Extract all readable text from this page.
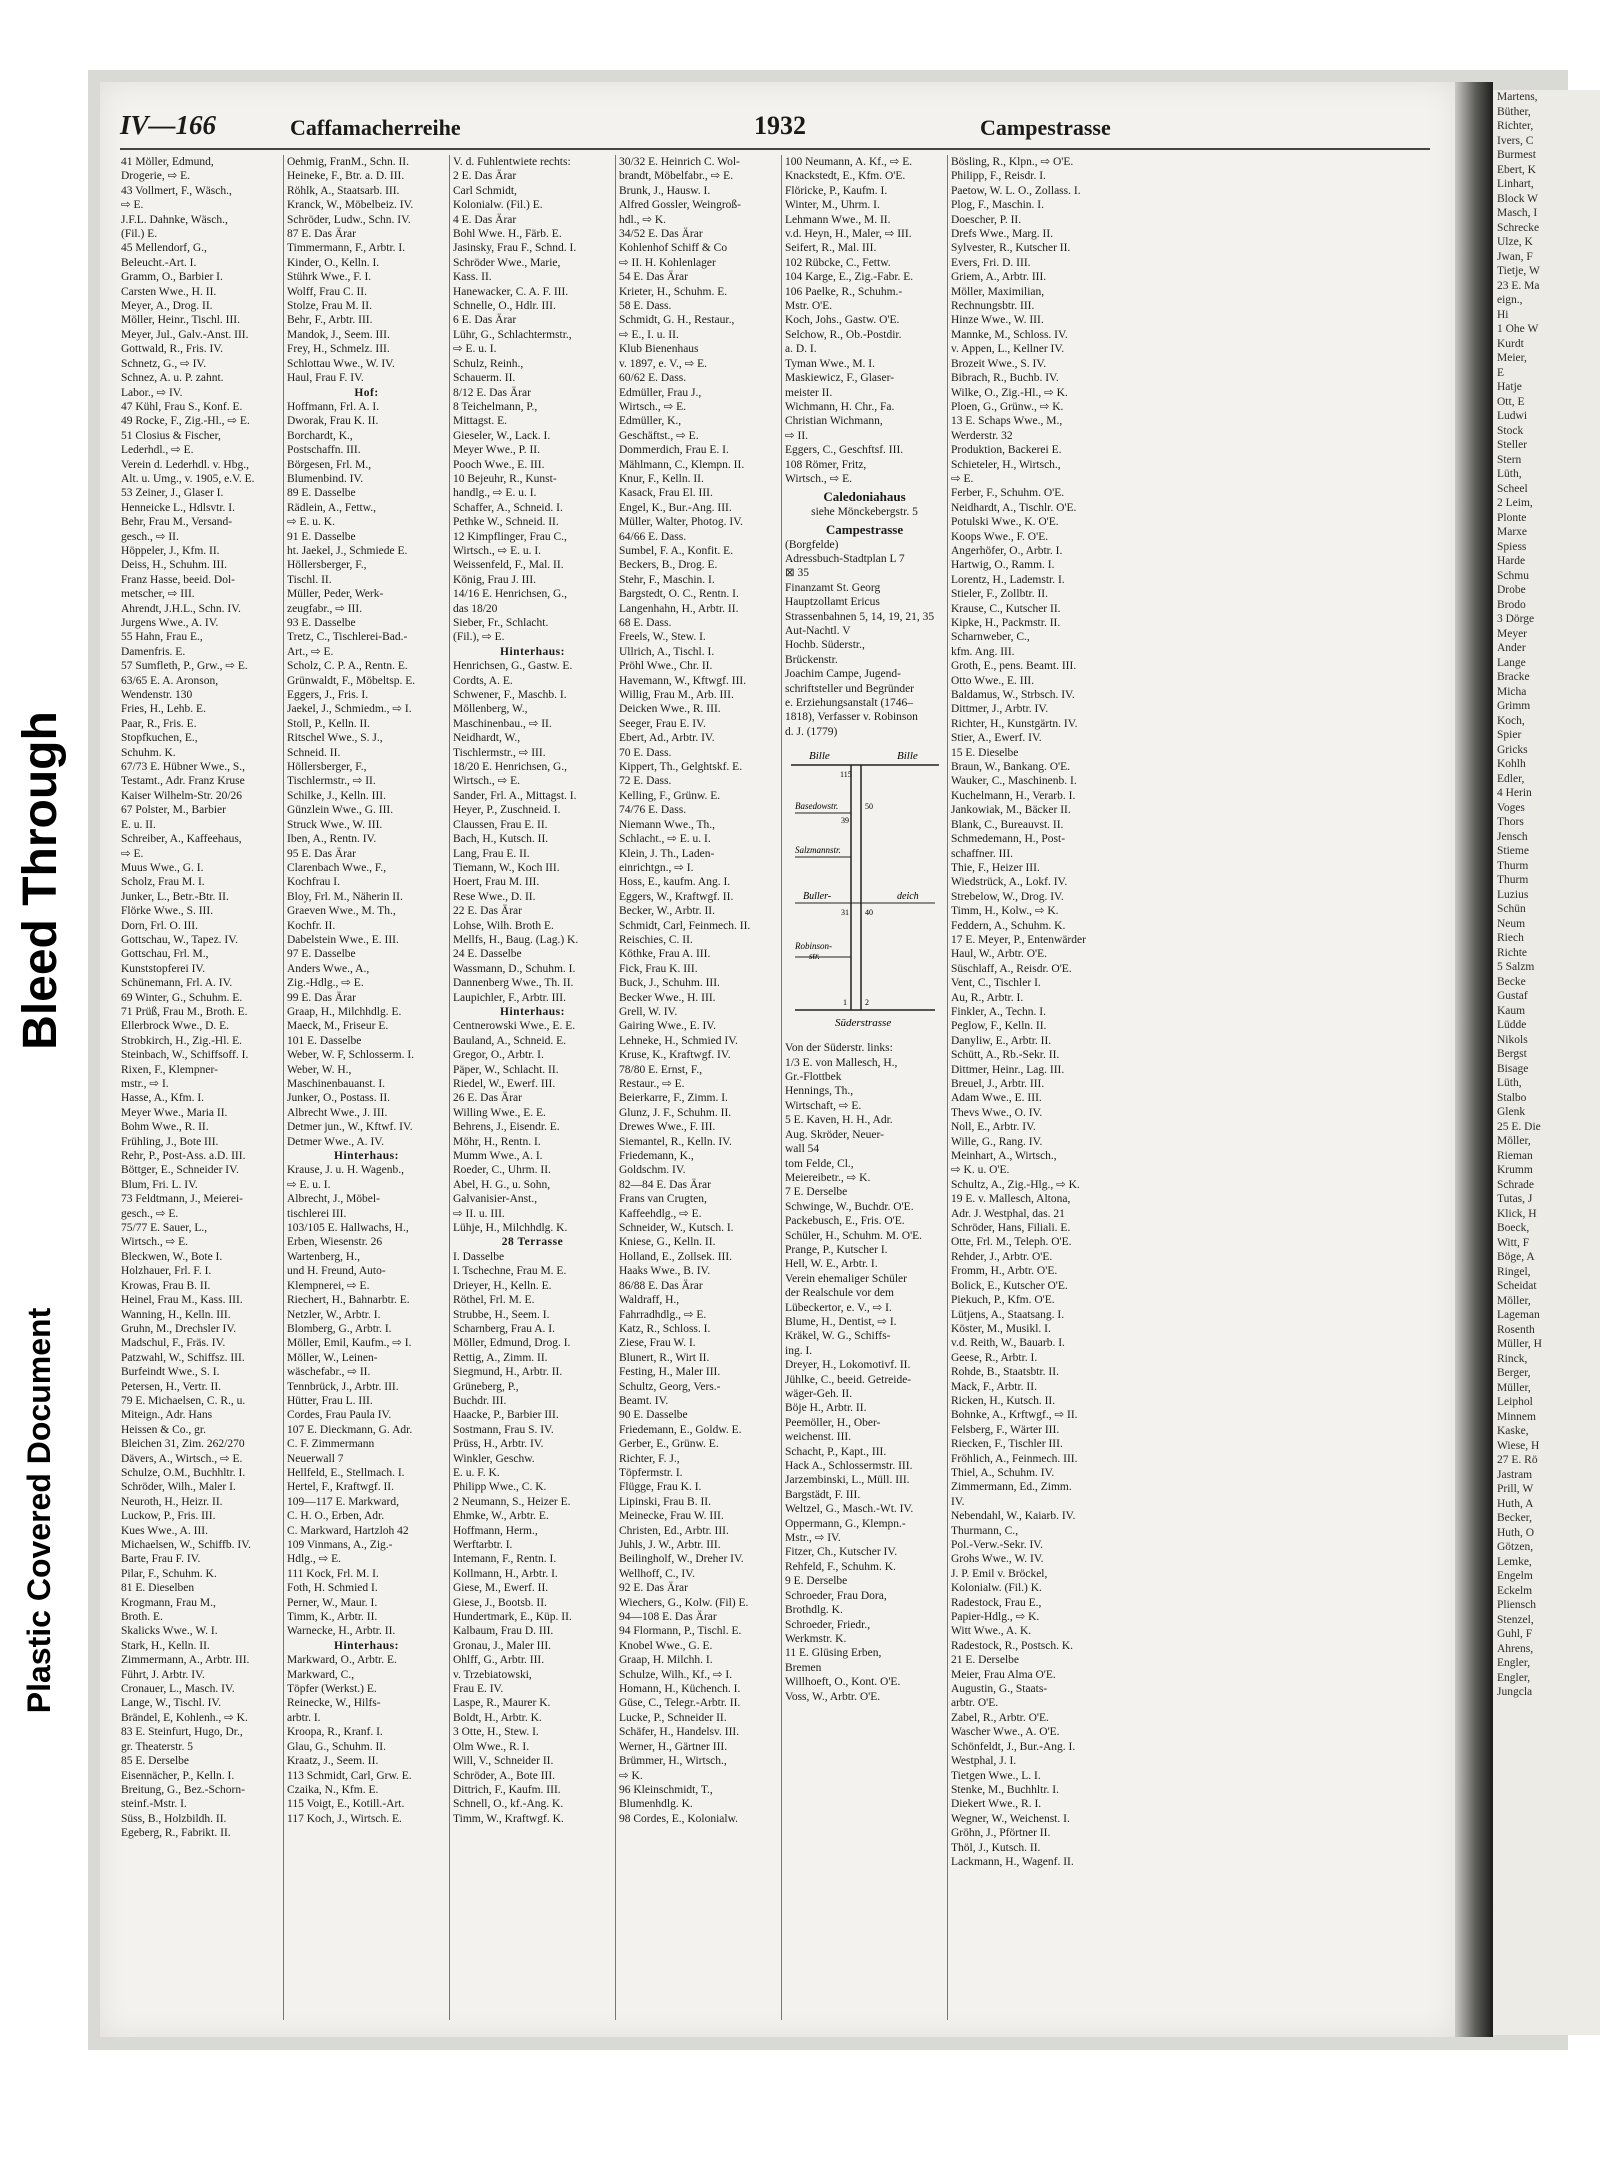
Bleed Through
Plastic Covered Document
Martens,
Büther,
Richter,
Ivers, C
Burmest
Ebert, K
Linhart,
Block W
Masch, I
Schrecke
Ulze, K
Jwan, F
Tietje, W
23 E. Ma
eign.,
Hi
1 Ohe W
Kurdt
Meier,
E
Hatje
Ott, E
Ludwi
Stock
Steller
Stern
Lüth,
Scheel
2 Leim,
Plonte
Marxe
Spiess
Harde
Schmu
Drobe
Brodo
3 Dörge
Meyer
Ander
Lange
Bracke
Micha
Grimm
Koch,
Spier
Gricks
Kohlh
Edler,
4 Herin
Voges
Thors
Jensch
Stieme
Thurm
Thurm
Luzius
Schün
Neum
Riech
Richte
5 Salzm
Becke
Gustaf
Kaum
Lüdde
Nikols
Bergst
Bisage
Lüth,
Stalbo
Glenk
25 E. Die
Möller,
Rieman
Krumm
Schrade
Tutas, J
Klick, H
Boeck,
Witt, F
Böge, A
Ringel,
Scheidat
Möller,
Lageman
Rosenth
Müller, H
Rinck,
Berger,
Müller,
Leiphol
Minnem
Kaske,
Wiese, H
27 E. Rö
Jastram
Prill, W
Huth, A
Becker,
Huth, O
Götzen,
Lemke,
Engelm
Eckelm
Pliensch
Stenzel,
Guhl, F
Ahrens,
Engler,
Engler,
Jungcla
IV—166	Caffamacherreihe	1932	Campestrasse
41 Möller, Edmund,
Drogerie, ⇨ E.
43 Vollmert, F., Wäsch.,
⇨ E.
J.F.L. Dahnke, Wäsch.,
(Fil.) E.
45 Mellendorf, G.,
Beleucht.-Art. I.
Gramm, O., Barbier I.
Carsten Wwe., H. II.
Meyer, A., Drog. II.
Möller, Heinr., Tischl. III.
Meyer, Jul., Galv.-Anst. III.
Gottwald, R., Fris. IV.
Schnetz, G., ⇨ IV.
Schnez, A. u. P. zahnt.
Labor., ⇨ IV.
47 Kühl, Frau S., Konf. E.
49 Rocke, F., Zig.-Hl., ⇨ E.
51 Closius & Fischer,
Lederhdl., ⇨ E.
Verein d. Lederhdl. v. Hbg.,
Alt. u. Umg., v. 1905, e.V. E.
53 Zeiner, J., Glaser I.
Henneicke L., Hdlsvtr. I.
Behr, Frau M., Versand-
gesch., ⇨ II.
Höppeler, J., Kfm. II.
Deiss, H., Schuhm. III.
Franz Hasse, beeid. Dol-
metscher, ⇨ III.
Ahrendt, J.H.L., Schn. IV.
Jurgens Wwe., A. IV.
55 Hahn, Frau E.,
Damenfris. E.
57 Sumfleth, P., Grw., ⇨ E.
63/65 E. A. Aronson,
Wendenstr. 130
Fries, H., Lehb. E.
Paar, R., Fris. E.
Stopfkuchen, E.,
Schuhm. K.
67/73 E. Hübner Wwe., S.,
Testamt., Adr. Franz Kruse
Kaiser Wilhelm-Str. 20/26
67 Polster, M., Barbier
E. u. II.
Schreiber, A., Kaffeehaus,
⇨ E.
Muus Wwe., G. I.
Scholz, Frau M. I.
Junker, L., Betr.-Btr. II.
Flörke Wwe., S. III.
Dorn, Frl. O. III.
Gottschau, W., Tapez. IV.
Gottschau, Frl. M.,
Kunststopferei IV.
Schünemann, Frl. A. IV.
69 Winter, G., Schuhm. E.
71 Prüß, Frau M., Broth. E.
Ellerbrock Wwe., D. E.
Strobkirch, H., Zig.-Hl. E.
Steinbach, W., Schiffsoff. I.
Rixen, F., Klempner-
mstr., ⇨ I.
Hasse, A., Kfm. I.
Meyer Wwe., Maria II.
Bohm Wwe., R. II.
Frühling, J., Bote III.
Rehr, P., Post-Ass. a.D. III.
Böttger, E., Schneider IV.
Blum, Fri. L. IV.
73 Feldtmann, J., Meierei-
gesch., ⇨ E.
75/77 E. Sauer, L.,
Wirtsch., ⇨ E.
Bleckwen, W., Bote I.
Holzhauer, Frl. F. I.
Krowas, Frau B. II.
Heinel, Frau M., Kass. III.
Wanning, H., Kelln. III.
Gruhn, M., Drechsler IV.
Madschul, F., Fräs. IV.
Patzwahl, W., Schiffsz. III.
Burfeindt Wwe., S. I.
Petersen, H., Vertr. II.
79 E. Michaelsen, C. R., u.
Miteign., Adr. Hans
Heissen & Co., gr.
Bleichen 31, Zim. 262/270
Dävers, A., Wirtsch., ⇨ E.
Schulze, O.M., Buchhltr. I.
Schröder, Wilh., Maler I.
Neuroth, H., Heizr. II.
Luckow, P., Fris. III.
Kues Wwe., A. III.
Michaelsen, W., Schiffb. IV.
Barte, Frau F. IV.
Pilar, F., Schuhm. K.
81 E. Dieselben
Krogmann, Frau M.,
Broth. E.
Skalicks Wwe., W. I.
Stark, H., Kelln. II.
Zimmermann, A., Arbtr. III.
Führt, J. Arbtr. IV.
Cronauer, L., Masch. IV.
Lange, W., Tischl. IV.
Brändel, E, Kohlenh., ⇨ K.
83 E. Steinfurt, Hugo, Dr.,
gr. Theaterstr. 5
85 E. Derselbe
Eisennächer, P., Kelln. I.
Breitung, G., Bez.-Schorn-
steinf.-Mstr. I.
Süss, B., Holzbildh. II.
Egeberg, R., Fabrikt. II.
Oehmig, FranM., Schn. II.
Heineke, F., Btr. a. D. III.
Röhlk, A., Staatsarb. III.
Kranck, W., Möbelbeiz. IV.
Schröder, Ludw., Schn. IV.
87 E. Das Ärar
Timmermann, F., Arbtr. I.
Kinder, O., Kelln. I.
Stührk Wwe., F. I.
Wolff, Frau C. II.
Stolze, Frau M. II.
Behr, F., Arbtr. III.
Mandok, J., Seem. III.
Frey, H., Schmelz. III.
Schlottau Wwe., W. IV.
Haul, Frau F. IV.
Hof:
Hoffmann, Frl. A. I.
Dworak, Frau K. II.
Borchardt, K.,
Postschaffn. III.
Börgesen, Frl. M.,
Blumenbind. IV.
89 E. Dasselbe
Rädlein, A., Fettw.,
⇨ E. u. K.
91 E. Dasselbe
ht. Jaekel, J., Schmiede E.
Höllersberger, F.,
Tischl. II.
Müller, Peder, Werk-
zeugfabr., ⇨ III.
93 E. Dasselbe
Tretz, C., Tischlerei-Bad.-
Art., ⇨ E.
Scholz, C. P. A., Rentn. E.
Grünwaldt, F., Möbeltsp. E.
Eggers, J., Fris. I.
Jaekel, J., Schmiedm., ⇨ I.
Stoll, P., Kelln. II.
Ritschel Wwe., S. J.,
Schneid. II.
Höllersberger, F.,
Tischlermstr., ⇨ II.
Schilke, J., Kelln. III.
Günzlein Wwe., G. III.
Struck Wwe., W. III.
Iben, A., Rentn. IV.
95 E. Das Ärar
Clarenbach Wwe., F.,
Kochfrau I.
Bloy, Frl. M., Näherin II.
Graeven Wwe., M. Th.,
Kochfr. II.
Dabelstein Wwe., E. III.
97 E. Dasselbe
Anders Wwe., A.,
Zig.-Hdlg., ⇨ E.
99 E. Das Ärar
Graap, H., Milchhdlg. E.
Maeck, M., Friseur E.
101 E. Dasselbe
Weber, W. F, Schlosserm. I.
Weber, W. H.,
Maschinenbauanst. I.
Junker, O., Postass. II.
Albrecht Wwe., J. III.
Detmer jun., W., Kftwf. IV.
Detmer Wwe., A. IV.
Hinterhaus:
Krause, J. u. H. Wagenb.,
⇨ E. u. I.
Albrecht, J., Möbel-
tischlerei III.
103/105 E. Hallwachs, H.,
Erben, Wiesenstr. 26
Wartenberg, H.,
und H. Freund, Auto-
Klempnerei, ⇨ E.
Riechert, H., Bahnarbtr. E.
Netzler, W., Arbtr. I.
Blomberg, G., Arbtr. I.
Möller, Emil, Kaufm., ⇨ I.
Möller, W., Leinen-
wäschefabr., ⇨ II.
Tennbrück, J., Arbtr. III.
Hütter, Frau L. III.
Cordes, Frau Paula IV.
107 E. Dieckmann, G. Adr.
C. F. Zimmermann
Neuerwall 7
Hellfeld, E., Stellmach. I.
Hertel, F., Kraftwgf. II.
109—117 E. Markward,
C. H. O., Erben, Adr.
C. Markward, Hartzloh 42
109 Vinmans, A., Zig.-
Hdlg., ⇨ E.
111 Kock, Frl. M. I.
Foth, H. Schmied I.
Perner, W., Maur. I.
Timm, K., Arbtr. II.
Warnecke, H., Arbtr. II.
Hinterhaus:
Markward, O., Arbtr. E.
Markward, C.,
Töpfer (Werkst.) E.
Reinecke, W., Hilfs-
arbtr. I.
Kroopa, R., Kranf. I.
Glau, G., Schuhm. II.
Kraatz, J., Seem. II.
113 Schmidt, Carl, Grw. E.
Czaika, N., Kfm. E.
115 Voigt, E., Kotill.-Art.
117 Koch, J., Wirtsch. E.
V. d. Fuhlentwiete rechts:
2 E. Das Ärar
Carl Schmidt,
Kolonialw. (Fil.) E.
4 E. Das Ärar
Bohl Wwe. H., Färb. E.
Jasinsky, Frau F., Schnd. I.
Schröder Wwe., Marie,
Kass. II.
Hanewacker, C. A. F. III.
Schnelle, O., Hdlr. III.
6 E. Das Ärar
Lühr, G., Schlachtermstr.,
⇨ E. u. I.
Schulz, Reinh.,
Schauerm. II.
8/12 E. Das Ärar
8 Teichelmann, P.,
Mittagst. E.
Gieseler, W., Lack. I.
Meyer Wwe., P. II.
Pooch Wwe., E. III.
10 Bejeuhr, R., Kunst-
handlg., ⇨ E. u. I.
Schaffer, A., Schneid. I.
Pethke W., Schneid. II.
12 Kimpflinger, Frau C.,
Wirtsch., ⇨ E. u. I.
Weissenfeld, F., Mal. II.
König, Frau J. III.
14/16 E. Henrichsen, G.,
das 18/20
Sieber, Fr., Schlacht.
(Fil.), ⇨ E.
Hinterhaus:
Henrichsen, G., Gastw. E.
Cordts, A. E.
Schwener, F., Maschb. I.
Möllenberg, W.,
Maschinenbau., ⇨ II.
Neidhardt, W.,
Tischlermstr., ⇨ III.
18/20 E. Henrichsen, G.,
Wirtsch., ⇨ E.
Sander, Frl. A., Mittagst. I.
Heyer, P., Zuschneid. I.
Claussen, Frau E. II.
Bach, H., Kutsch. II.
Lang, Frau E. II.
Tiemann, W., Koch III.
Hoert, Frau M. III.
Rese Wwe., D. II.
22 E. Das Ärar
Lohse, Wilh. Broth E.
Mellfs, H., Baug. (Lag.) K.
24 E. Dasselbe
Wassmann, D., Schuhm. I.
Dannenberg Wwe., Th. II.
Laupichler, F., Arbtr. III.
Hinterhaus:
Centnerowski Wwe., E. E.
Bauland, A., Schneid. E.
Gregor, O., Arbtr. I.
Päper, W., Schlacht. II.
Riedel, W., Ewerf. III.
26 E. Das Ärar
Willing Wwe., E. E.
Behrens, J., Eisendr. E.
Möhr, H., Rentn. I.
Mumm Wwe., A. I.
Roeder, C., Uhrm. II.
Abel, H. G., u. Sohn,
Galvanisier-Anst.,
⇨ II. u. III.
Lühje, H., Milchhdlg. K.
28 Terrasse
I. Dasselbe
I. Tschechne, Frau M. E.
Drieyer, H., Kelln. E.
Röthel, Frl. M. E.
Strubbe, H., Seem. I.
Scharnberg, Frau A. I.
Möller, Edmund, Drog. I.
Rettig, A., Zimm. II.
Siegmund, H., Arbtr. II.
Grüneberg, P.,
Buchdr. III.
Haacke, P., Barbier III.
Sostmann, Frau S. IV.
Prüss, H., Arbtr. IV.
Winkler, Geschw.
E. u. F. K.
Philipp Wwe., C. K.
2 Neumann, S., Heizer E.
Ehmke, W., Arbtr. E.
Hoffmann, Herm.,
Werftarbtr. I.
Intemann, F., Rentn. I.
Kollmann, H., Arbtr. I.
Giese, M., Ewerf. II.
Giese, J., Bootsb. II.
Hundertmark, E., Küp. II.
Kalbaum, Frau D. III.
Gronau, J., Maler III.
Ohlff, G., Arbtr. III.
v. Trzebiatowski,
Frau E. IV.
Laspe, R., Maurer K.
Boldt, H., Arbtr. K.
3 Otte, H., Stew. I.
Olm Wwe., R. I.
Will, V., Schneider II.
Schröder, A., Bote III.
Dittrich, F., Kaufm. III.
Schnell, O., kf.-Ang. K.
Timm, W., Kraftwgf. K.
30/32 E. Heinrich C. Wol-
brandt, Möbelfabr., ⇨ E.
Brunk, J., Hausw. I.
Alfred Gossler, Weingroß-
hdl., ⇨ K.
34/52 E. Das Ärar
Kohlenhof Schiff & Co
⇨ II. H. Kohlenlager
54 E. Das Ärar
Krieter, H., Schuhm. E.
58 E. Dass.
Schmidt, G. H., Restaur.,
⇨ E., I. u. II.
Klub Bienenhaus
v. 1897, e. V., ⇨ E.
60/62 E. Dass.
Edmüller, Frau J.,
Wirtsch., ⇨ E.
Edmüller, K.,
Geschäftst., ⇨ E.
Dommerdich, Frau E. I.
Mählmann, C., Klempn. II.
Knur, F., Kelln. II.
Kasack, Frau El. III.
Engel, K., Bur.-Ang. III.
Müller, Walter, Photog. IV.
64/66 E. Dass.
Sumbel, F. A., Konfit. E.
Beckers, B., Drog. E.
Stehr, F., Maschin. I.
Bargstedt, O. C., Rentn. I.
Langenhahn, H., Arbtr. II.
68 E. Dass.
Freels, W., Stew. I.
Ullrich, A., Tischl. I.
Pröhl Wwe., Chr. II.
Havemann, W., Kftwgf. III.
Willig, Frau M., Arb. III.
Deicken Wwe., R. III.
Seeger, Frau E. IV.
Ebert, Ad., Arbtr. IV.
70 E. Dass.
Kippert, Th., Gelghtskf. E.
72 E. Dass.
Kelling, F., Grünw. E.
74/76 E. Dass.
Niemann Wwe., Th.,
Schlacht., ⇨ E. u. I.
Klein, J. Th., Laden-
einrichtgn., ⇨ I.
Hoss, E., kaufm. Ang. I.
Eggers, W., Kraftwgf. II.
Becker, W., Arbtr. II.
Schmidt, Carl, Feinmech. II.
Reischies, C. II.
Köthke, Frau A. III.
Fick, Frau K. III.
Buck, J., Schuhm. III.
Becker Wwe., H. III.
Grell, W. IV.
Gairing Wwe., E. IV.
Lehneke, H., Schmied IV.
Kruse, K., Kraftwgf. IV.
78/80 E. Ernst, F.,
Restaur., ⇨ E.
Beierkarre, F., Zimm. I.
Glunz, J. F., Schuhm. II.
Drewes Wwe., F. III.
Siemantel, R., Kelln. IV.
Friedemann, K.,
Goldschm. IV.
82—84 E. Das Ärar
Frans van Crugten,
Kaffeehdlg., ⇨ E.
Schneider, W., Kutsch. I.
Kniese, G., Kelln. II.
Holland, E., Zollsek. III.
Haaks Wwe., B. IV.
86/88 E. Das Ärar
Waldraff, H.,
Fahrradhdlg., ⇨ E.
Katz, R., Schloss. I.
Ziese, Frau W. I.
Blunert, R., Wirt II.
Festing, H., Maler III.
Schultz, Georg, Vers.-
Beamt. IV.
90 E. Dasselbe
Friedemann, E., Goldw. E.
Gerber, E., Grünw. E.
Richter, F. J.,
Töpfermstr. I.
Flügge, Frau K. I.
Lipinski, Frau B. II.
Meinecke, Frau W. III.
Christen, Ed., Arbtr. III.
Juhls, J. W., Arbtr. III.
Beilingholf, W., Dreher IV.
Wellhoff, C., IV.
92 E. Das Ärar
Wiechers, G., Kolw. (Fil) E.
94—108 E. Das Ärar
94 Flormann, P., Tischl. E.
Knobel Wwe., G. E.
Graap, H. Milchh. I.
Schulze, Wilh., Kf., ⇨ I.
Homann, H., Küchench. I.
Güse, C., Telegr.-Arbtr. II.
Lucke, P., Schneider II.
Schäfer, H., Handelsv. III.
Werner, H., Gärtner III.
Brümmer, H., Wirtsch.,
⇨ K.
96 Kleinschmidt, T.,
Blumenhdlg. K.
98 Cordes, E., Kolonialw.
100 Neumann, A. Kf., ⇨ E.
Knackstedt, E., Kfm. O'E.
Flöricke, P., Kaufm. I.
Winter, M., Uhrm. I.
Lehmann Wwe., M. II.
v.d. Heyn, H., Maler, ⇨ III.
Seifert, R., Mal. III.
102 Rübcke, C., Fettw.
104 Karge, E., Zig.-Fabr. E.
106 Paelke, R., Schuhm.-
Mstr. O'E.
Koch, Johs., Gastw. O'E.
Selchow, R., Ob.-Postdir.
a. D. I.
Tyman Wwe., M. I.
Maskiewicz, F., Glaser-
meister II.
Wichmann, H. Chr., Fa.
Christian Wichmann,
⇨ II.
Eggers, C., Geschftsf. III.
108 Römer, Fritz,
Wirtsch., ⇨ E.
Caledoniahaus
siehe Mönckebergstr. 5
Campestrasse
(Borgfelde)
Adressbuch-Stadtplan L 7
⊠ 35
Finanzamt St. Georg
Hauptzollamt Ericus
Strassenbahnen 5, 14, 19, 21, 35
Aut-Nachtl. V
Hochb. Süderstr.,
Brückenstr.
Joachim Campe, Jugend-
schriftsteller und Begründer
e. Erziehungsanstalt (1746–
1818), Verfasser v. Robinson
d. J. (1779)
Bille	Bille
Basedowstr.
Salzmannstr.
Buller-	deich
Robinson-
str.
Süderstrasse
115
50
39
31 40
2
1
Von der Süderstr. links:
1/3 E. von Mallesch, H.,
Gr.-Flottbek
Hennings, Th.,
Wirtschaft, ⇨ E.
5 E. Kaven, H. H., Adr.
Aug. Skröder, Neuer-
wall 54
tom Felde, Cl.,
Meiereibetr., ⇨ K.
7 E. Derselbe
Schwinge, W., Buchdr. O'E.
Packebusch, E., Fris. O'E.
Schüler, H., Schuhm. M. O'E.
Prange, P., Kutscher I.
Hell, W. E., Arbtr. I.
Verein ehemaliger Schüler
der Realschule vor dem
Lübeckertor, e. V., ⇨ I.
Blume, H., Dentist, ⇨ I.
Kräkel, W. G., Schiffs-
ing. I.
Dreyer, H., Lokomotivf. II.
Jühlke, C., beeid. Getreide-
wäger-Geh. II.
Böje H., Arbtr. II.
Peemöller, H., Ober-
weichenst. III.
Schacht, P., Kapt., III.
Hack A., Schlossermstr. III.
Jarzembinski, L., Müll. III.
Bargstädt, F. III.
Weltzel, G., Masch.-Wt. IV.
Oppermann, G., Klempn.-
Mstr., ⇨ IV.
Fitzer, Ch., Kutscher IV.
Rehfeld, F., Schuhm. K.
9 E. Derselbe
Schroeder, Frau Dora,
Brothdlg. K.
Schroeder, Friedr.,
Werkmstr. K.
11 E. Glüsing Erben,
Bremen
Willhoeft, O., Kont. O'E.
Voss, W., Arbtr. O'E.
Bösling, R., Klpn., ⇨ O'E.
Philipp, F., Reisdr. I.
Paetow, W. L. O., Zollass. I.
Plog, F., Maschin. I.
Doescher, P. II.
Drefs Wwe., Marg. II.
Sylvester, R., Kutscher II.
Evers, Fri. D. III.
Griem, A., Arbtr. III.
Möller, Maximilian,
Rechnungsbtr. III.
Hinze Wwe., W. III.
Mannke, M., Schloss. IV.
v. Appen, L., Kellner IV.
Brozeit Wwe., S. IV.
Bibrach, R., Buchb. IV.
Wilke, O., Zig.-Hl., ⇨ K.
Ploen, G., Grünw., ⇨ K.
13 E. Schaps Wwe., M.,
Werderstr. 32
Produktion, Backerei E.
Schieteler, H., Wirtsch.,
⇨ E.
Ferber, F., Schuhm. O'E.
Neidhardt, A., Tischlr. O'E.
Potulski Wwe., K. O'E.
Koops Wwe., F. O'E.
Angerhöfer, O., Arbtr. I.
Hartwig, O., Ramm. I.
Lorentz, H., Lademstr. I.
Stieler, F., Zollbtr. II.
Krause, C., Kutscher II.
Kipke, H., Packmstr. II.
Scharnweber, C.,
kfm. Ang. III.
Groth, E., pens. Beamt. III.
Otto Wwe., E. III.
Baldamus, W., Strbsch. IV.
Dittmer, J., Arbtr. IV.
Richter, H., Kunstgärtn. IV.
Stier, A., Ewerf. IV.
15 E. Dieselbe
Braun, W., Bankang. O'E.
Wauker, C., Maschinenb. I.
Kuchelmann, H., Verarb. I.
Jankowiak, M., Bäcker II.
Blank, C., Bureauvst. II.
Schmedemann, H., Post-
schaffner. III.
Thie, F., Heizer III.
Wiedstrück, A., Lokf. IV.
Strebelow, W., Drog. IV.
Timm, H., Kolw., ⇨ K.
Feddern, A., Schuhm. K.
17 E. Meyer, P., Entenwärder
Haul, W., Arbtr. O'E.
Süschlaff, A., Reisdr. O'E.
Vent, C., Tischler I.
Au, R., Arbtr. I.
Finkler, A., Techn. I.
Peglow, F., Kelln. II.
Danyliw, E., Arbtr. II.
Schütt, A., Rb.-Sekr. II.
Dittmer, Heinr., Lag. III.
Breuel, J., Arbtr. III.
Adam Wwe., E. III.
Thevs Wwe., O. IV.
Noll, E., Arbtr. IV.
Wille, G., Rang. IV.
Meinhart, A., Wirtsch.,
⇨ K. u. O'E.
Schultz, A., Zig.-Hlg., ⇨ K.
19 E. v. Mallesch, Altona,
Adr. J. Westphal, das. 21
Schröder, Hans, Filiali. E.
Otte, Frl. M., Teleph. O'E.
Rehder, J., Arbtr. O'E.
Fromm, H., Arbtr. O'E.
Bolick, E., Kutscher O'E.
Piekuch, P., Kfm. O'E.
Lütjens, A., Staatsang. I.
Köster, M., Musikl. I.
v.d. Reith, W., Bauarb. I.
Geese, R., Arbtr. I.
Rohde, B., Staatsbtr. II.
Mack, F., Arbtr. II.
Ricken, H., Kutsch. II.
Bohnke, A., Krftwgf., ⇨ II.
Felsberg, F., Wärter III.
Riecken, F., Tischler III.
Fröhlich, A., Feinmech. III.
Thiel, A., Schuhm. IV.
Zimmermann, Ed., Zimm.
IV.
Nebendahl, W., Kaiarb. IV.
Thurmann, C.,
Pol.-Verw.-Sekr. IV.
Grohs Wwe., W. IV.
J. P. Emil v. Bröckel,
Kolonialw. (Fil.) K.
Radestock, Frau E.,
Papier-Hdlg., ⇨ K.
Witt Wwe., A. K.
Radestock, R., Postsch. K.
21 E. Derselbe
Meier, Frau Alma O'E.
Augustin, G., Staats-
arbtr. O'E.
Zabel, R., Arbtr. O'E.
Wascher Wwe., A. O'E.
Schönfeldt, J., Bur.-Ang. I.
Westphal, J. I.
Tietgen Wwe., L. I.
Stenke, M., Buchhltr. I.
Diekert Wwe., R. I.
Wegner, W., Weichenst. I.
Gröhn, J., Pförtner II.
Thöl, J., Kutsch. II.
Lackmann, H., Wagenf. II.
